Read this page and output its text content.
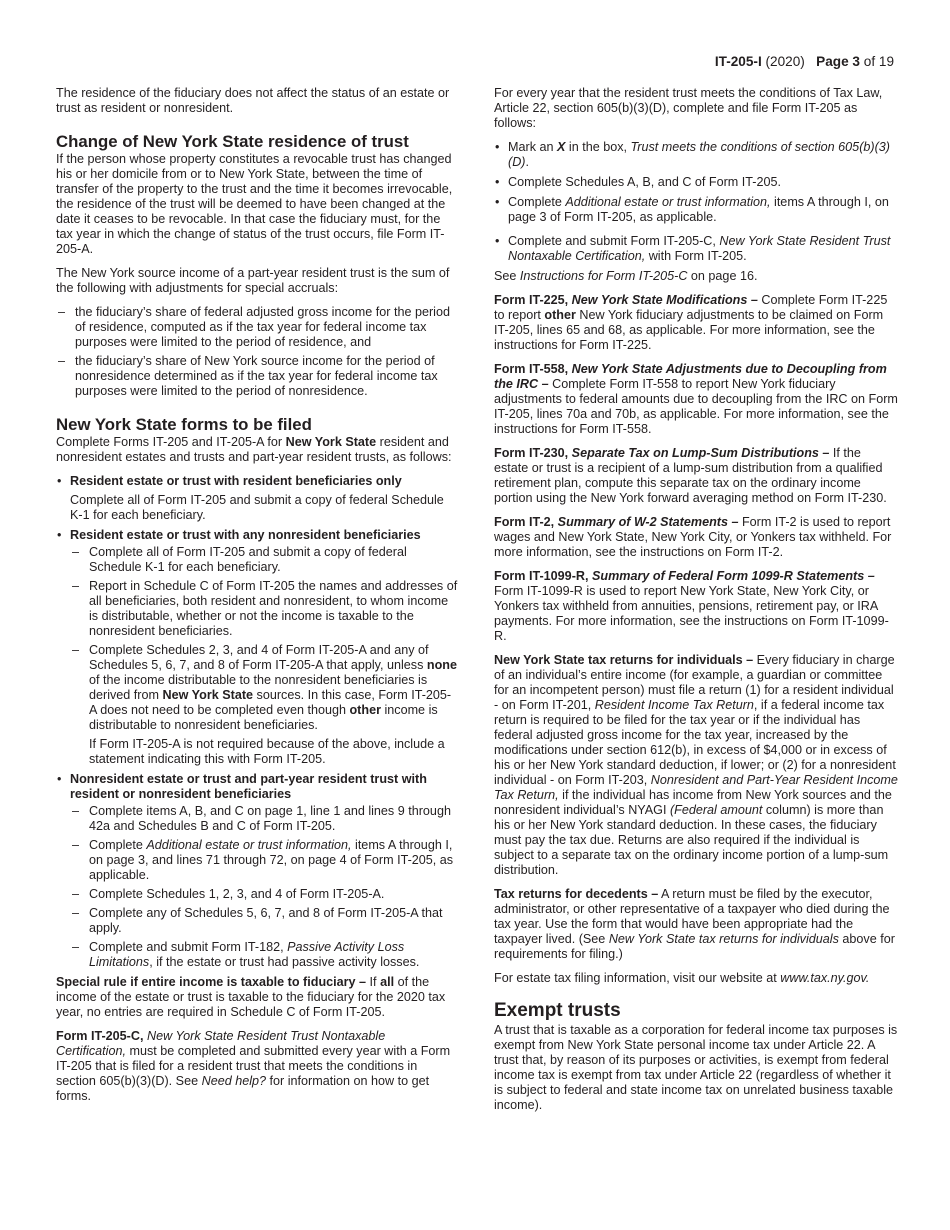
IT-205-I (2020) Page 3 of 19

The residence of the fiduciary does not affect the status of an estate or trust as resident or nonresident.

Change of New York State residence of trust

If the person whose property constitutes a revocable trust has changed his or her domicile from or to New York State, between the time of transfer of the property to the trust and the time it becomes irrevocable, the residence of the trust will be deemed to have been changed at the date it ceases to be revocable. In that case the fiduciary must, for the tax year in which the change of status of the trust occurs, file Form IT-205-A.

The New York source income of a part-year resident trust is the sum of the following with adjustments for special accruals:

– the fiduciary’s share of federal adjusted gross income for the period of residence, computed as if the tax year for federal income tax purposes were limited to the period of residence, and
– the fiduciary’s share of New York source income for the period of nonresidence determined as if the tax year for federal income tax purposes were limited to the period of nonresidence.
New York State forms to be filed

Complete Forms IT-205 and IT-205-A for New York State resident and nonresident estates and trusts and part-year resident trusts, as follows:

• Resident estate or trust with resident beneficiaries only

Complete all of Form IT-205 and submit a copy of federal Schedule K-1 for each beneficiary.

• Resident estate or trust with any nonresident beneficiaries
– Complete all of Form IT-205 and submit a copy of federal Schedule K-1 for each beneficiary.
– Report in Schedule C of Form IT-205 the names and addresses of all beneficiaries, both resident and nonresident, to whom income is distributable, whether or not the income is taxable to the nonresident beneficiaries.
– Complete Schedules 2, 3, and 4 of Form IT-205-A and any of Schedules 5, 6, 7, and 8 of Form IT-205-A that apply, unless none of the income distributable to the nonresident beneficiaries is derived from New York State sources. In this case, Form IT-205-A does not need to be completed even though other income is distributable to nonresident beneficiaries.

If Form IT-205-A is not required because of the above, include a statement indicating this with Form IT-205.

• Nonresident estate or trust and part-year resident trust with resident or nonresident beneficiaries
– Complete items A, B, and C on page 1, line 1 and lines 9 through 42a and Schedules B and C of Form IT-205.
– Complete Additional estate or trust information, items A through I, on page 3, and lines 71 through 72, on page 4 of Form IT-205, as applicable.
– Complete Schedules 1, 2, 3, and 4 of Form IT-205-A.
– Complete any of Schedules 5, 6, 7, and 8 of Form IT-205-A that apply.
– Complete and submit Form IT-182, Passive Activity Loss Limitations, if the estate or trust had passive activity losses.

Special rule if entire income is taxable to fiduciary – If all of the income of the estate or trust is taxable to the fiduciary for the 2020 tax year, no entries are required in Schedule C of Form IT-205.

Form IT-205-C, New York State Resident Trust Nontaxable Certification, must be completed and submitted every year with a Form IT-205 that is filed for a resident trust that meets the conditions in section 605(b)(3)(D). See Need help? for information on how to get forms.

For every year that the resident trust meets the conditions of Tax Law, Article 22, section 605(b)(3)(D), complete and file Form IT-205 as follows:

• Mark an X in the box, Trust meets the conditions of section 605(b)(3)(D).
• Complete Schedules A, B, and C of Form IT-205.
• Complete Additional estate or trust information, items A through I, on page 3 of Form IT-205, as applicable.
• Complete and submit Form IT-205-C, New York State Resident Trust Nontaxable Certification, with Form IT-205.

See Instructions for Form IT-205-C on page 16.

Form IT-225, New York State Modifications – Complete Form IT-225 to report other New York fiduciary adjustments to be claimed on Form IT-205, lines 65 and 68, as applicable. For more information, see the instructions for Form IT-225.

Form IT-558, New York State Adjustments due to Decoupling from the IRC – Complete Form IT-558 to report New York fiduciary adjustments to federal amounts due to decoupling from the IRC on Form IT-205, lines 70a and 70b, as applicable. For more information, see the instructions for Form IT-558.

Form IT-230, Separate Tax on Lump-Sum Distributions – If the estate or trust is a recipient of a lump-sum distribution from a qualified retirement plan, compute this separate tax on the ordinary income portion using the New York forward averaging method on Form IT-230.

Form IT-2, Summary of W-2 Statements – Form IT-2 is used to report wages and New York State, New York City, or Yonkers tax withheld. For more information, see the instructions on Form IT-2.

Form IT-1099-R, Summary of Federal Form 1099-R Statements – Form IT-1099-R is used to report New York State, New York City, or Yonkers tax withheld from annuities, pensions, retirement pay, or IRA payments. For more information, see the instructions on Form IT-1099-R.

New York State tax returns for individuals – Every fiduciary in charge of an individual’s entire income (for example, a guardian or committee for an incompetent person) must file a return (1) for a resident individual - on Form IT-201, Resident Income Tax Return, if a federal income tax return is required to be filed for the tax year or if the individual has federal adjusted gross income for the tax year, increased by the modifications under section 612(b), in excess of $4,000 or in excess of his or her New York standard deduction, if lower; or (2) for a nonresident individual - on Form IT-203, Nonresident and Part-Year Resident Income Tax Return, if the individual has income from New York sources and the nonresident individual’s NYAGI (Federal amount column) is more than his or her New York standard deduction. In these cases, the fiduciary must pay the tax due. Returns are also required if the individual is subject to a separate tax on the ordinary income portion of a lump-sum distribution.

Tax returns for decedents – A return must be filed by the executor, administrator, or other representative of a taxpayer who died during the tax year. Use the form that would have been appropriate had the taxpayer lived. (See New York State tax returns for individuals above for requirements for filing.)

For estate tax filing information, visit our website at www.tax.ny.gov.

Exempt trusts

A trust that is taxable as a corporation for federal income tax purposes is exempt from New York State personal income tax under Article 22. A trust that, by reason of its purposes or activities, is exempt from federal income tax is exempt from tax under Article 22 (regardless of whether it is subject to federal and state income tax on unrelated business taxable income).
